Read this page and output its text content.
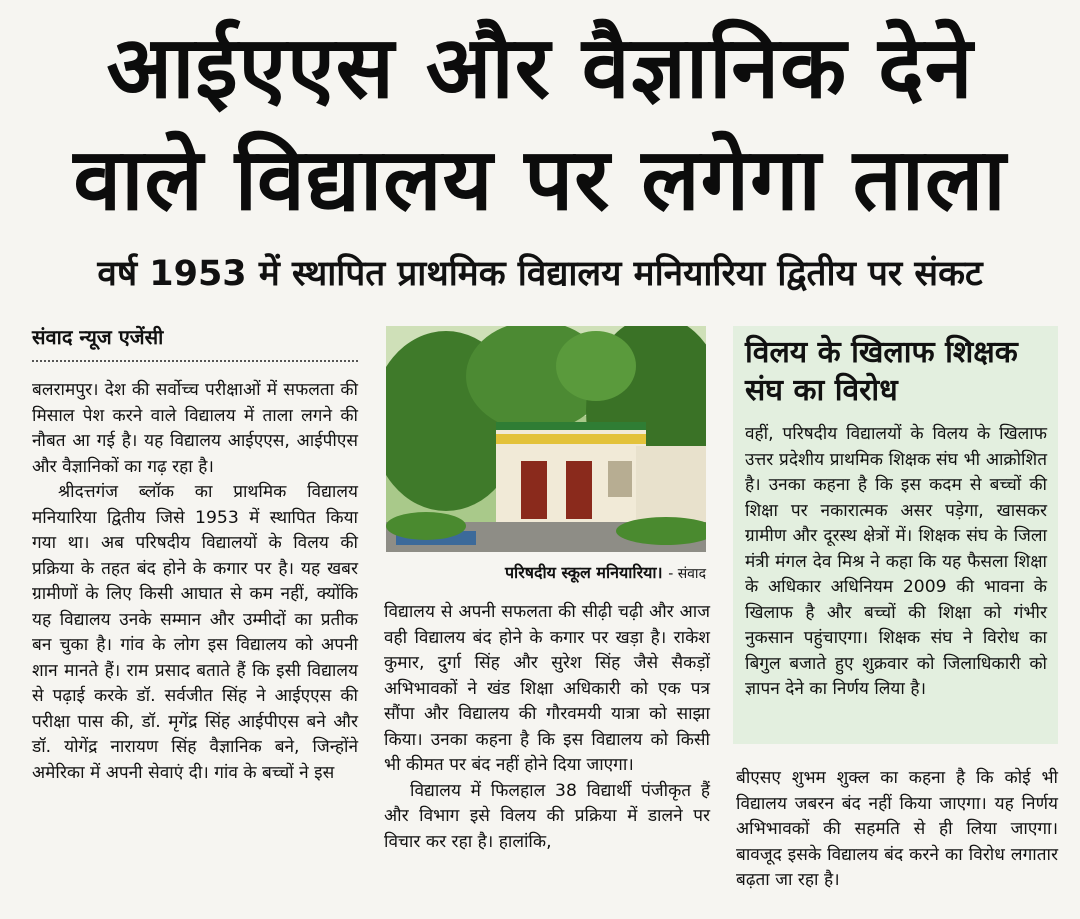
आईएएस और वैज्ञानिक देने
वाले विद्यालय पर लगेगा ताला
वर्ष 1953 में स्थापित प्राथमिक विद्यालय मनियारिया द्वितीय पर संकट
संवाद न्यूज एजेंसी

बलरामपुर। देश की सर्वोच्च परीक्षाओं में सफलता की मिसाल पेश करने वाले विद्यालय में ताला लगने की नौबत आ गई है। यह विद्यालय आईएएस, आईपीएस और वैज्ञानिकों का गढ़ रहा है।

श्रीदत्तगंज ब्लॉक का प्राथमिक विद्यालय मनियारिया द्वितीय जिसे 1953 में स्थापित किया गया था। अब परिषदीय विद्यालयों के विलय की प्रक्रिया के तहत बंद होने के कगार पर है। यह खबर ग्रामीणों के लिए किसी आघात से कम नहीं, क्योंकि यह विद्यालय उनके सम्मान और उम्मीदों का प्रतीक बन चुका है। गांव के लोग इस विद्यालय को अपनी शान मानते हैं। राम प्रसाद बताते हैं कि इसी विद्यालय से पढ़ाई करके डॉ. सर्वजीत सिंह ने आईएएस की परीक्षा पास की, डॉ. मृगेंद्र सिंह आईपीएस बने और डॉ. योगेंद्र नारायण सिंह वैज्ञानिक बने, जिन्होंने अमेरिका में अपनी सेवाएं दी। गांव के बच्चों ने इस

परिषदीय स्कूल मनियारिया। - संवाद

विद्यालय से अपनी सफलता की सीढ़ी चढ़ी और आज वही विद्यालय बंद होने के कगार पर खड़ा है। राकेश कुमार, दुर्गा सिंह और सुरेश सिंह जैसे सैकड़ों अभिभावकों ने खंड शिक्षा अधिकारी को एक पत्र सौंपा और विद्यालय की गौरवमयी यात्रा को साझा किया। उनका कहना है कि इस विद्यालय को किसी भी कीमत पर बंद नहीं होने दिया जाएगा।

विद्यालय में फिलहाल 38 विद्यार्थी पंजीकृत हैं और विभाग इसे विलय की प्रक्रिया में डालने पर विचार कर रहा है। हालांकि,

विलय के खिलाफ शिक्षक संघ का विरोध
वहीं, परिषदीय विद्यालयों के विलय के खिलाफ उत्तर प्रदेशीय प्राथमिक शिक्षक संघ भी आक्रोशित है। उनका कहना है कि इस कदम से बच्चों की शिक्षा पर नकारात्मक असर पड़ेगा, खासकर ग्रामीण और दूरस्थ क्षेत्रों में। शिक्षक संघ के जिला मंत्री मंगल देव मिश्र ने कहा कि यह फैसला शिक्षा के अधिकार अधिनियम 2009 की भावना के खिलाफ है और बच्चों की शिक्षा को गंभीर नुकसान पहुंचाएगा। शिक्षक संघ ने विरोध का बिगुल बजाते हुए शुक्रवार को जिलाधिकारी को ज्ञापन देने का निर्णय लिया है।

बीएसए शुभम शुक्ल का कहना है कि कोई भी विद्यालय जबरन बंद नहीं किया जाएगा। यह निर्णय अभिभावकों की सहमति से ही लिया जाएगा। बावजूद इसके विद्यालय बंद करने का विरोध लगातार बढ़ता जा रहा है।
